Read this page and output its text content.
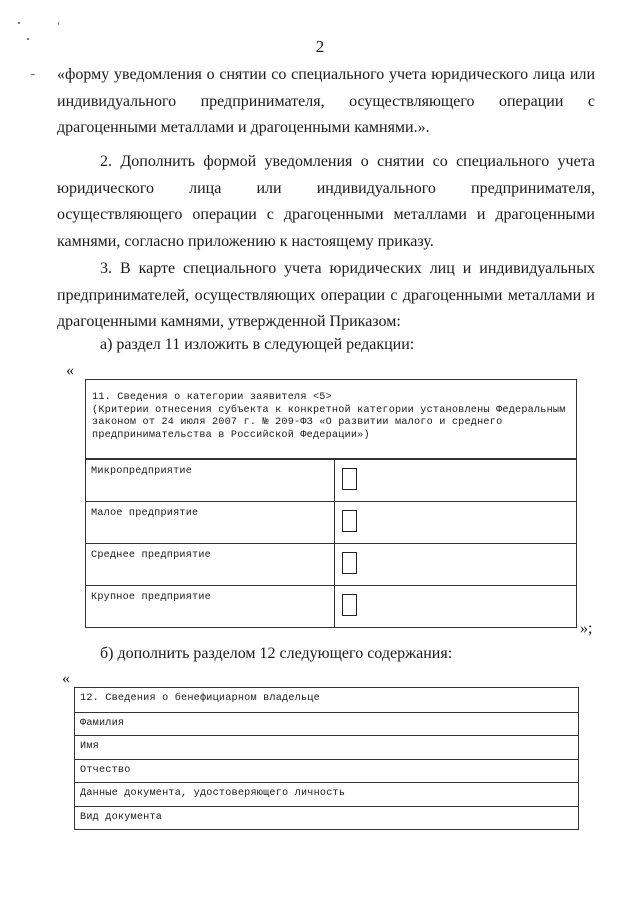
2

«форму уведомления о снятии со специального учета юридического лица или индивидуального предпринимателя, осуществляющего операции с драгоценными металлами и драгоценными камнями.».

2. Дополнить формой уведомления о снятии со специального учета юридического лица или индивидуального предпринимателя, осуществляющего операции с драгоценными металлами и драгоценными камнями, согласно приложению к настоящему приказу.

3. В карте специального учета юридических лиц и индивидуальных предпринимателей, осуществляющих операции с драгоценными металлами и драгоценными камнями, утвержденной Приказом:

а) раздел 11 изложить в следующей редакции:
«
11. Сведения о категории заявителя <5>
(Критерии отнесения субъекта к конкретной категории установлены Федеральным
законом от 24 июля 2007 г. № 209-ФЗ «О развитии малого и среднего
предпринимательства в Российской Федерации»)
Микропредприятие
Малое предприятие
Среднее предприятие
Крупное предприятие
»;
б) дополнить разделом 12 следующего содержания:
«
12. Сведения о бенефициарном владельце
Фамилия
Имя
Отчество
Данные документа, удостоверяющего личность
Вид документа
